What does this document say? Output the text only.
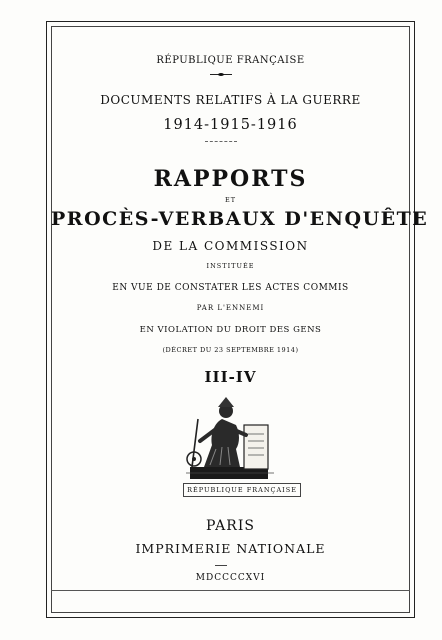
RÉPUBLIQUE FRANÇAISE
DOCUMENTS RELATIFS À LA GUERRE
1914-1915-1916
RAPPORTS
ET
PROCÈS-VERBAUX D'ENQUÊTE
DE LA COMMISSION
INSTITUÉE
EN VUE DE CONSTATER LES ACTES COMMIS
PAR L'ENNEMI
EN VIOLATION DU DROIT DES GENS
(DÉCRET DU 23 SEPTEMBRE 1914)
III-IV
RÉPUBLIQUE FRANÇAISE
PARIS
IMPRIMERIE NATIONALE
MDCCCCXVI
